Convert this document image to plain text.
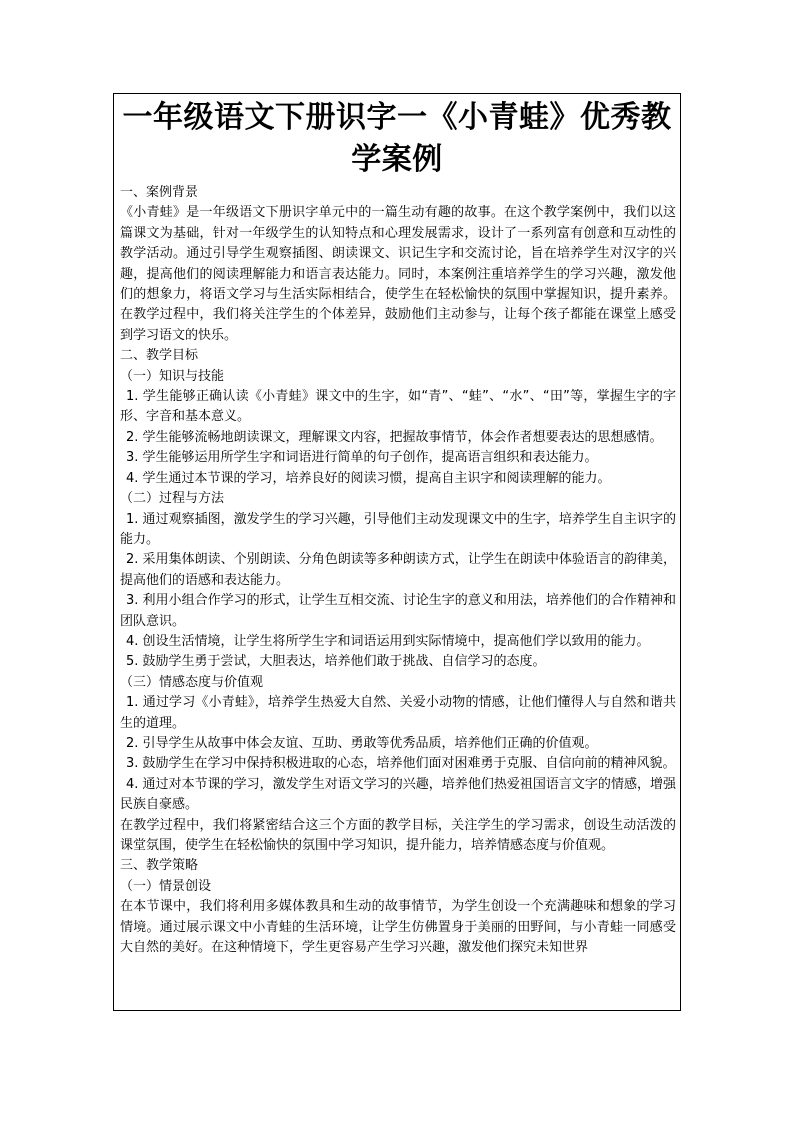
一年级语文下册识字一《小青蛙》优秀教学案例

一、案例背景

《小青蛙》是一年级语文下册识字单元中的一篇生动有趣的故事。在这个教学案例中，我们以这篇课文为基础，针对一年级学生的认知特点和心理发展需求，设计了一系列富有创意和互动性的教学活动。通过引导学生观察插图、朗读课文、识记生字和交流讨论，旨在培养学生对汉字的兴趣，提高他们的阅读理解能力和语言表达能力。同时，本案例注重培养学生的学习兴趣，激发他们的想象力，将语文学习与生活实际相结合，使学生在轻松愉快的氛围中掌握知识，提升素养。在教学过程中，我们将关注学生的个体差异，鼓励他们主动参与，让每个孩子都能在课堂上感受到学习语文的快乐。

二、教学目标

（一）知识与技能

1. 学生能够正确认读《小青蛙》课文中的生字，如“青”、“蛙”、“水”、“田”等，掌握生字的字形、字音和基本意义。

2. 学生能够流畅地朗读课文，理解课文内容，把握故事情节，体会作者想要表达的思想感情。

3. 学生能够运用所学生字和词语进行简单的句子创作，提高语言组织和表达能力。

4. 学生通过本节课的学习，培养良好的阅读习惯，提高自主识字和阅读理解的能力。

（二）过程与方法

1. 通过观察插图，激发学生的学习兴趣，引导他们主动发现课文中的生字，培养学生自主识字的能力。

2. 采用集体朗读、个别朗读、分角色朗读等多种朗读方式，让学生在朗读中体验语言的韵律美，提高他们的语感和表达能力。

3. 利用小组合作学习的形式，让学生互相交流、讨论生字的意义和用法，培养他们的合作精神和团队意识。

4. 创设生活情境，让学生将所学生字和词语运用到实际情境中，提高他们学以致用的能力。

5. 鼓励学生勇于尝试，大胆表达，培养他们敢于挑战、自信学习的态度。

（三）情感态度与价值观

1. 通过学习《小青蛙》，培养学生热爱大自然、关爱小动物的情感，让他们懂得人与自然和谐共生的道理。

2. 引导学生从故事中体会友谊、互助、勇敢等优秀品质，培养他们正确的价值观。

3. 鼓励学生在学习中保持积极进取的心态，培养他们面对困难勇于克服、自信向前的精神风貌。

4. 通过对本节课的学习，激发学生对语文学习的兴趣，培养他们热爱祖国语言文字的情感，增强民族自豪感。

在教学过程中，我们将紧密结合这三个方面的教学目标，关注学生的学习需求，创设生动活泼的课堂氛围，使学生在轻松愉快的氛围中学习知识，提升能力，培养情感态度与价值观。

三、教学策略

（一）情景创设

在本节课中，我们将利用多媒体教具和生动的故事情节，为学生创设一个充满趣味和想象的学习情境。通过展示课文中小青蛙的生活环境，让学生仿佛置身于美丽的田野间，与小青蛙一同感受大自然的美好。在这种情境下，学生更容易产生学习兴趣，激发他们探究未知世界
